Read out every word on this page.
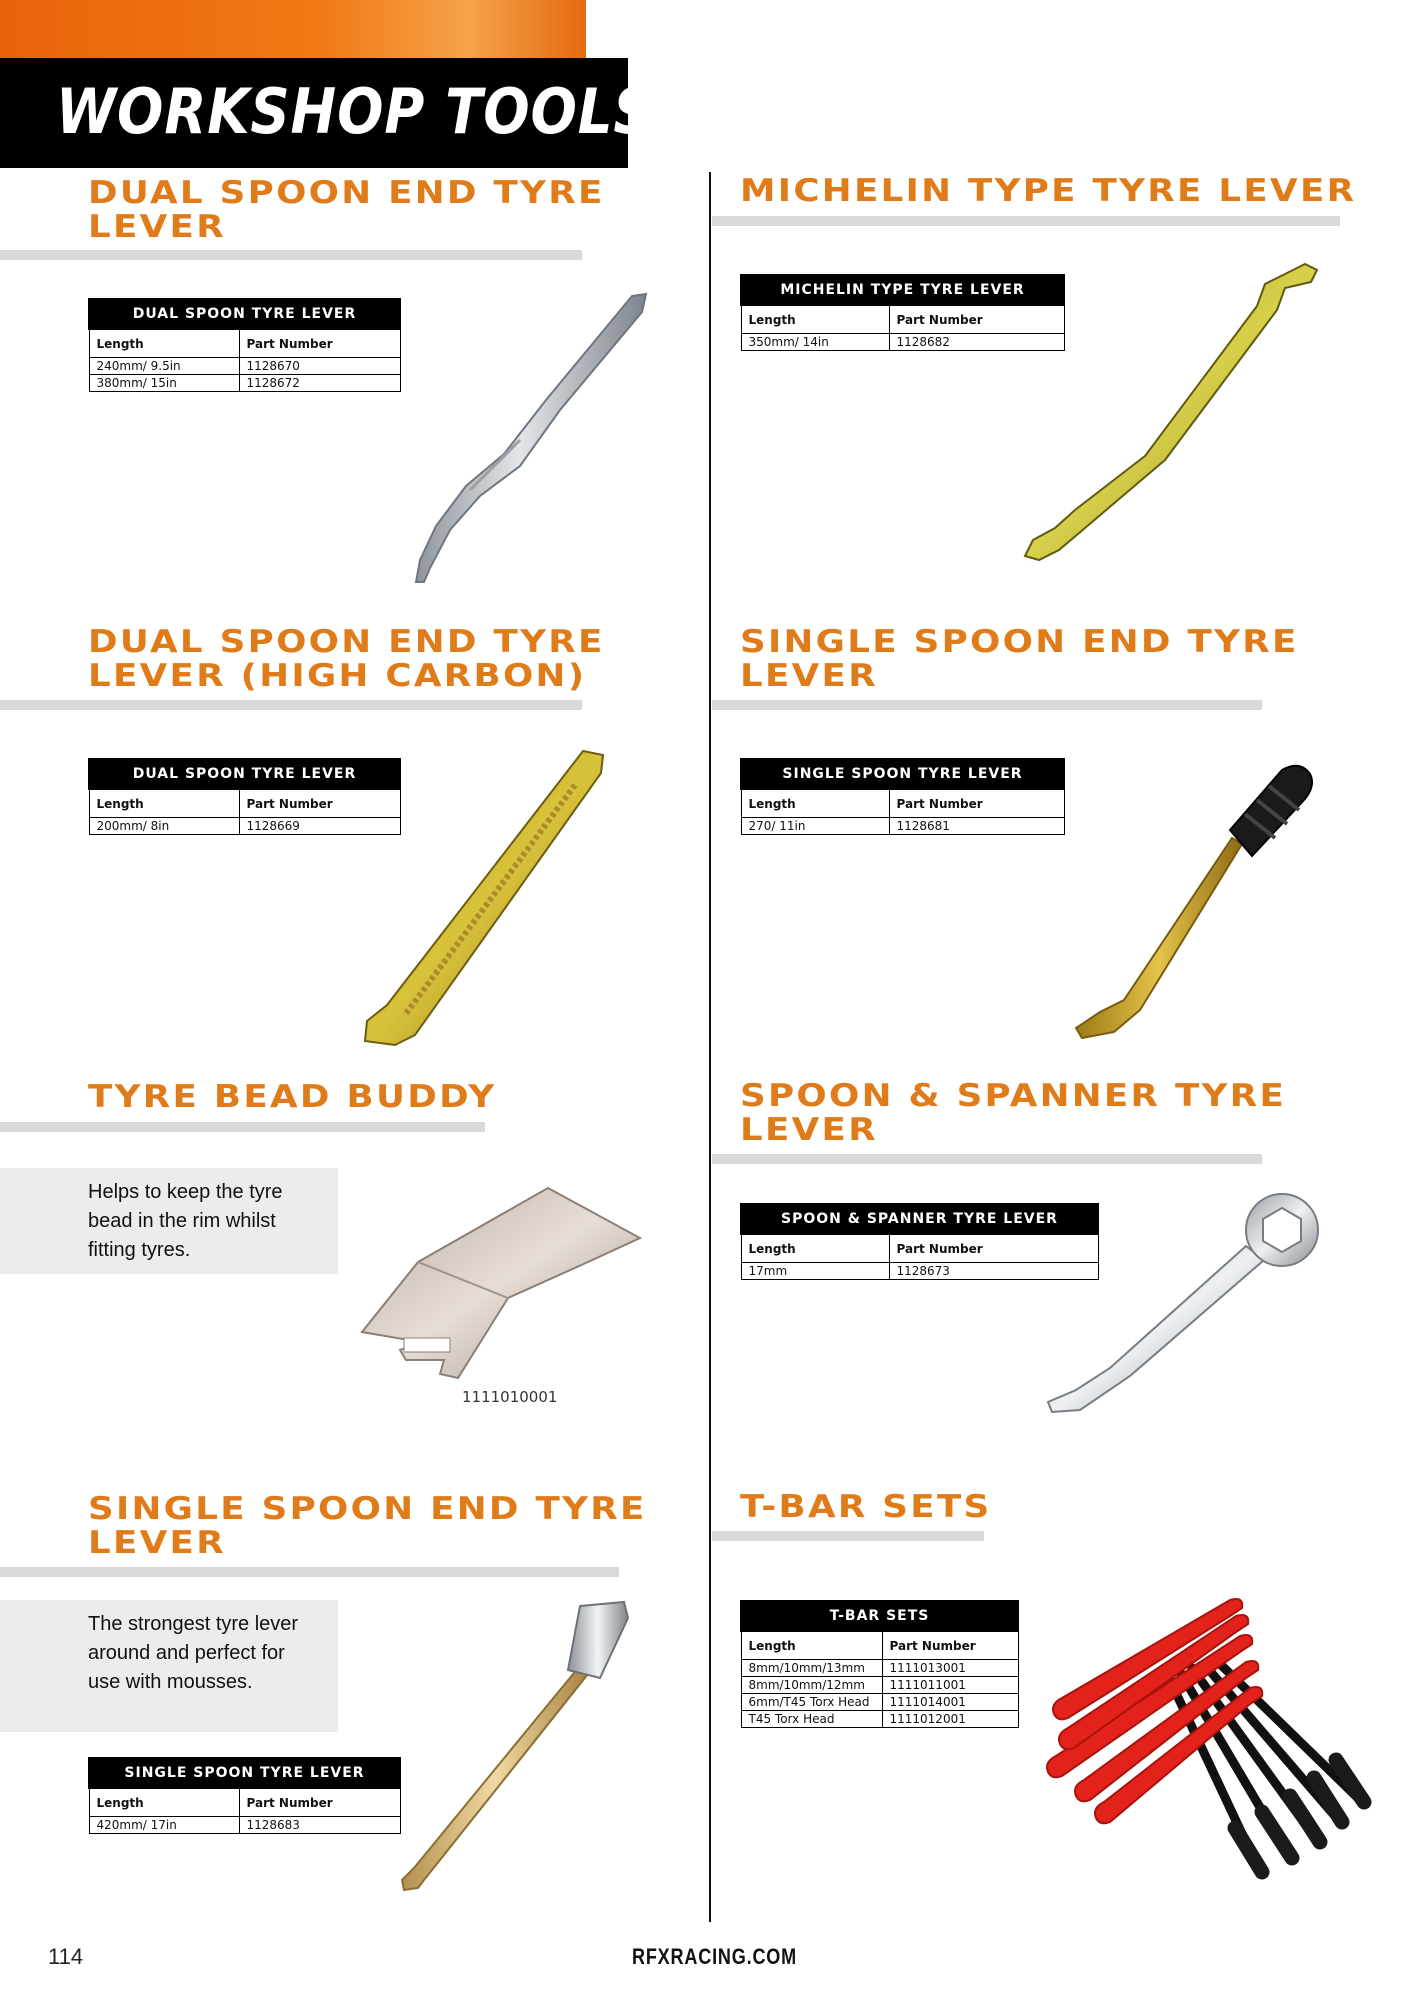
WORKSHOP TOOLS
DUAL SPOON END TYRE
LEVER
DUAL SPOON TYRE LEVER	
Length	Part Number
240mm/ 9.5in	1128670
380mm/ 15in	1128672
DUAL SPOON END TYRE
LEVER (HIGH CARBON)
DUAL SPOON TYRE LEVER	
Length	Part Number
200mm/ 8in	1128669
TYRE BEAD BUDDY
Helps to keep the tyre bead in the rim whilst fitting tyres.
1111010001
SINGLE SPOON END TYRE
LEVER
The strongest tyre lever around and perfect for use with mousses.
SINGLE SPOON TYRE LEVER	
Length	Part Number
420mm/ 17in	1128683
MICHELIN TYPE TYRE LEVER
MICHELIN TYPE TYRE LEVER	
Length	Part Number
350mm/ 14in	1128682
SINGLE SPOON END TYRE
LEVER
SINGLE SPOON TYRE LEVER	
Length	Part Number
270/ 11in	1128681
SPOON & SPANNER TYRE
LEVER
SPOON & SPANNER TYRE LEVER	
Length	Part Number
17mm	1128673
T-BAR SETS
T-BAR SETS	
Length	Part Number
8mm/10mm/13mm	1111013001
8mm/10mm/12mm	1111011001
6mm/T45 Torx Head	1111014001
T45 Torx Head	1111012001
114	RFXRACING.COM
